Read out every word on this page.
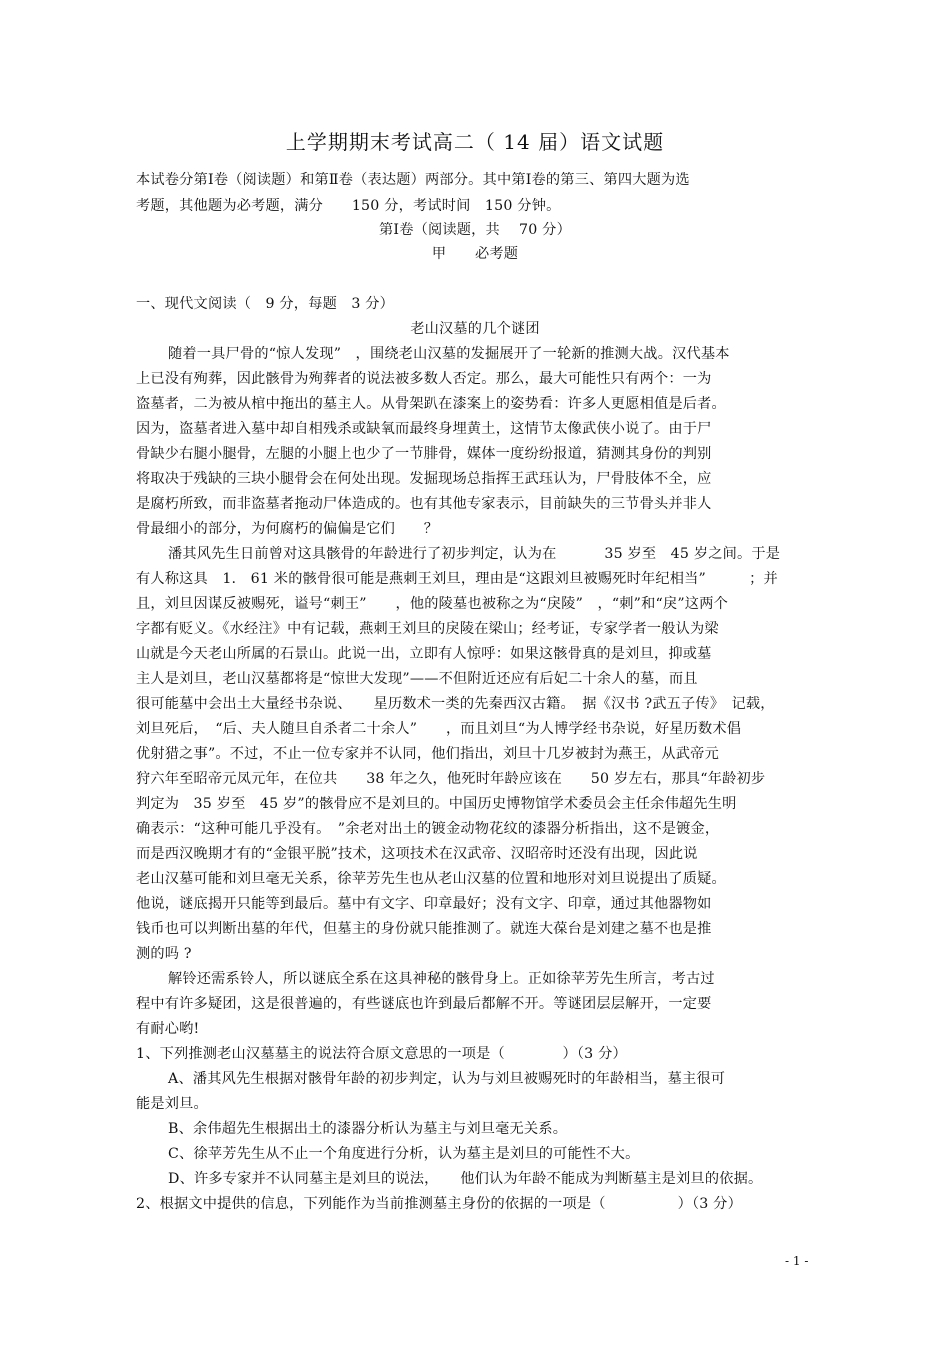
上学期期末考试高二（ 14 届）语文试题
本试卷分第Ⅰ卷（阅读题）和第Ⅱ卷（表达题）两部分。其中第Ⅰ卷的第三、第四大题为选
考题，其他题为必考题，满分　　150 分，考试时间　150 分钟。
第Ⅰ卷（阅读题，共　 70 分）
甲　　必考题
一、现代文阅读（　9 分，每题　3 分）
老山汉墓的几个谜团
随着一具尸骨的“惊人发现”　，围绕老山汉墓的发掘展开了一轮新的推测大战。汉代基本
上已没有殉葬，因此骸骨为殉葬者的说法被多数人否定。那么，最大可能性只有两个：一为
盗墓者，二为被从棺中拖出的墓主人。从骨架趴在漆案上的姿势看：许多人更愿相值是后者。
因为，盗墓者进入墓中却自相残杀或缺氧而最终身埋黄土，这情节太像武侠小说了。由于尸
骨缺少右腿小腿骨，左腿的小腿上也少了一节腓骨，媒体一度纷纷报道，猜测其身份的判别
将取决于残缺的三块小腿骨会在何处出现。发掘现场总指挥王武珏认为，尸骨肢体不全，应
是腐朽所致，而非盗墓者拖动尸体造成的。也有其他专家表示，目前缺失的三节骨头并非人
骨最细小的部分，为何腐朽的偏偏是它们　　？
潘其风先生日前曾对这具骸骨的年龄进行了初步判定，认为在　　　 35 岁至　45 岁之间。于是
有人称这具　1.　61 米的骸骨很可能是燕刺王刘旦，理由是“这跟刘旦被赐死时年纪相当”　　　；并
且，刘旦因谋反被赐死，谥号“刺王”　　，他的陵墓也被称之为“戾陵”　，“刺”和“戾”这两个
字都有贬义。《水经注》中有记载，燕刺王刘旦的戾陵在梁山；经考证，专家学者一般认为梁
山就是今天老山所属的石景山。此说一出，立即有人惊呼：如果这骸骨真的是刘旦，抑或墓
主人是刘旦，老山汉墓都将是“惊世大发现”——不但附近还应有后妃二十余人的墓，而且
很可能墓中会出土大量经书杂说、　　星历数术一类的先秦西汉古籍。　据《汉书 ?武五子传》　记载，
刘旦死后，　“后、夫人随旦自杀者二十余人”　　，而且刘旦“为人博学经书杂说，好星历数术倡
优射猎之事”。不过，不止一位专家并不认同，他们指出，刘旦十几岁被封为燕王，从武帝元
狩六年至昭帝元凤元年，在位共　　38 年之久，他死时年龄应该在　　50 岁左右，那具“年龄初步
判定为　35 岁至　45 岁”的骸骨应不是刘旦的。中国历史博物馆学术委员会主任余伟超先生明
确表示：“这种可能几乎没有。　”余老对出土的镀金动物花纹的漆器分析指出，这不是镀金，
而是西汉晚期才有的“金银平脱”技术，这项技术在汉武帝、汉昭帝时还没有出现，因此说
老山汉墓可能和刘旦毫无关系，徐苹芳先生也从老山汉墓的位置和地形对刘旦说提出了质疑。
他说，谜底揭开只能等到最后。墓中有文字、印章最好；没有文字、印章，通过其他器物如
钱币也可以判断出墓的年代，但墓主的身份就只能推测了。就连大葆台是刘建之墓不也是推
测的吗 ?
解铃还需系铃人，所以谜底全系在这具神秘的骸骨身上。正如徐苹芳先生所言，考古过
程中有许多疑团，这是很普遍的，有些谜底也许到最后都解不开。等谜团层层解开，一定要
有耐心哟!
1、下列推测老山汉墓墓主的说法符合原文意思的一项是（　　　　）（3 分）
A、潘其风先生根据对骸骨年龄的初步判定，认为与刘旦被赐死时的年龄相当，墓主很可
能是刘旦。
B、余伟超先生根据出土的漆器分析认为墓主与刘旦毫无关系。
C、徐苹芳先生从不止一个角度进行分析，认为墓主是刘旦的可能性不大。
D、许多专家并不认同墓主是刘旦的说法，　　他们认为年龄不能成为判断墓主是刘旦的依据。
2、根据文中提供的信息，下列能作为当前推测墓主身份的依据的一项是（　　　　　）（3 分）
- 1 -
